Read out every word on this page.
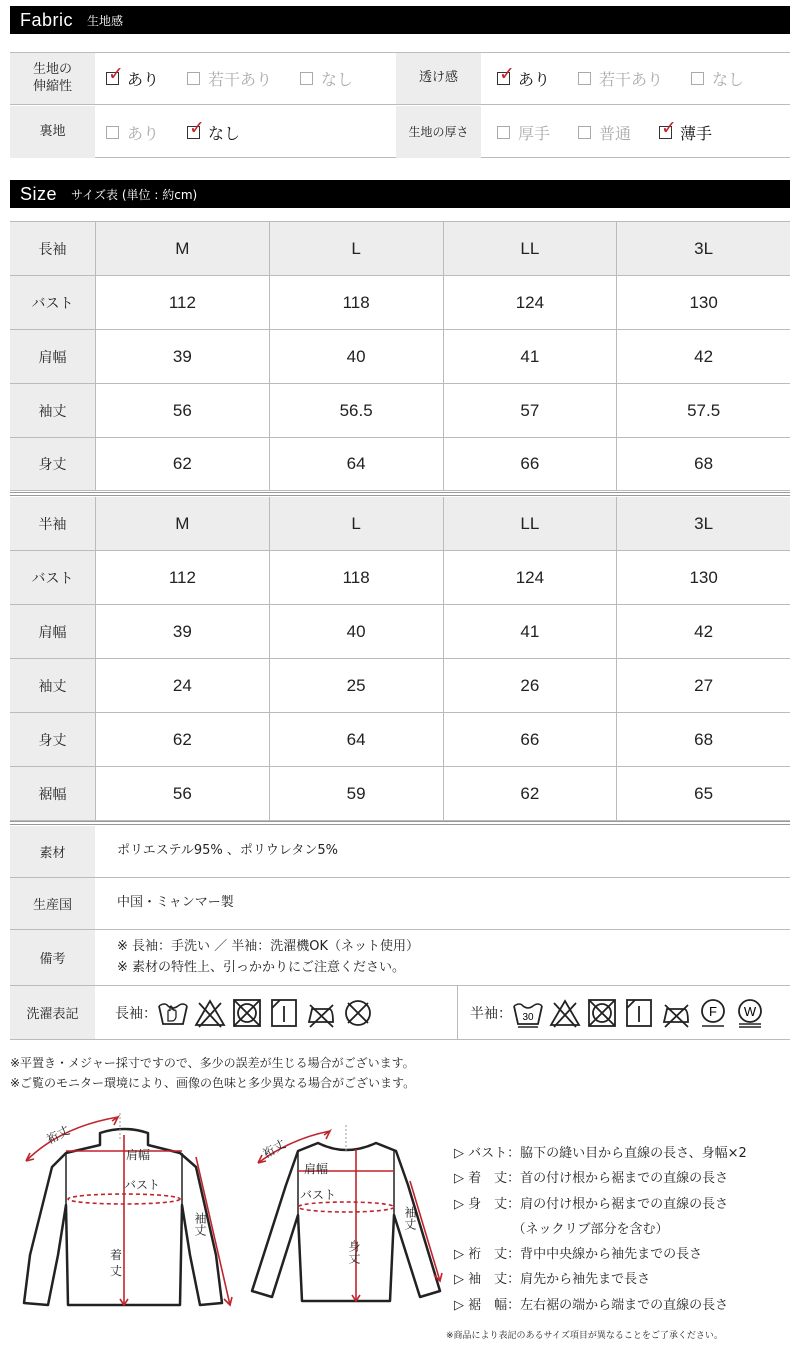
Fabric 生地感
生地の
伸縮性
✓ あり	若干あり	なし	透け感	✓ あり	若干あり	なし
裏地	あり ✓ なし	生地の厚さ	厚手	普通 ✓ 薄手
Size サイズ表 (単位 : 約cm)
長袖	M	L	LL	3L
バスト	112	118	124	130
肩幅	39	40	41	42
袖丈	56	56.5	57	57.5
身丈	62	64	66	68
半袖	M	L	LL	3L
バスト	112	118	124	130
肩幅	39	40	41	42
袖丈	24	25	26	27
身丈	62	64	66	68
裾幅	56	59	62	65
素材	ポリエステル95% 、ポリウレタン5%
生産国	中国・ミャンマー製
備考
※ 長袖：手洗い ／ 半袖：洗濯機OK（ネット使用）
※ 素材の特性上、引っかかりにご注意ください。
洗濯表記	長袖：	半袖： 30	F W
※平置き・メジャー採寸ですので、多少の誤差が生じる場合がございます。
※ご覧のモニター環境により、画像の色味と多少異なる場合がございます。
裄丈
肩幅
バスト
袖丈
着
丈
裄丈
肩幅
バスト
袖丈
身丈
▷ バスト：脇下の縫い目から直線の長さ、身幅×2
▷ 着　丈：首の付け根から裾までの直線の長さ
▷ 身　丈：肩の付け根から裾までの直線の長さ
　　　　　（ネックリブ部分を含む）
▷ 裄　丈：背中中央線から袖先までの長さ
▷ 袖　丈：肩先から袖先まで長さ
▷ 裾　幅：左右裾の端から端までの直線の長さ
※商品により表記のあるサイズ項目が異なることをご了承ください。
